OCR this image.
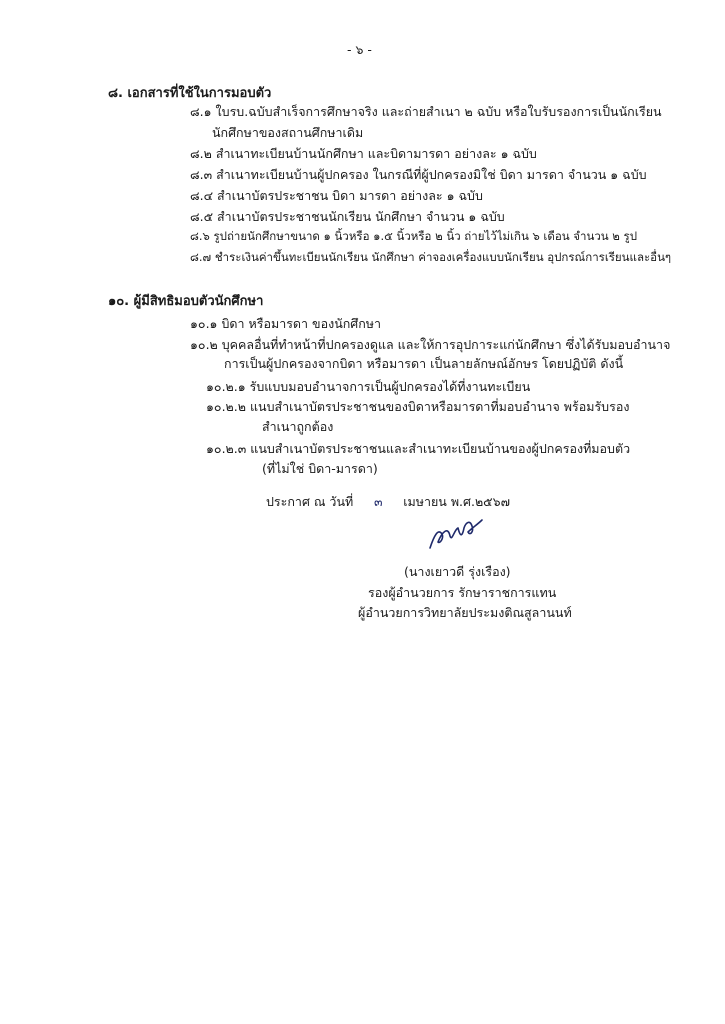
- ๖ -
๘. เอกสารที่ใช้ในการมอบตัว
๘.๑ ใบรบ.ฉบับสำเร็จการศึกษาจริง และถ่ายสำเนา ๒ ฉบับ หรือใบรับรองการเป็นนักเรียน
นักศึกษาของสถานศึกษาเดิม
๘.๒ สำเนาทะเบียนบ้านนักศึกษา และบิดามารดา อย่างละ ๑ ฉบับ
๘.๓ สำเนาทะเบียนบ้านผู้ปกครอง ในกรณีที่ผู้ปกครองมิใช่ บิดา มารดา จำนวน ๑ ฉบับ
๘.๔ สำเนาบัตรประชาชน บิดา มารดา อย่างละ ๑ ฉบับ
๘.๕ สำเนาบัตรประชาชนนักเรียน นักศึกษา จำนวน ๑ ฉบับ
๘.๖ รูปถ่ายนักศึกษาขนาด ๑ นิ้วหรือ ๑.๕ นิ้วหรือ ๒ นิ้ว ถ่ายไว้ไม่เกิน ๖ เดือน จำนวน ๒ รูป
๘.๗ ชำระเงินค่าขึ้นทะเบียนนักเรียน นักศึกษา ค่าจองเครื่องแบบนักเรียน อุปกรณ์การเรียนและอื่นๆ
๑๐. ผู้มีสิทธิมอบตัวนักศึกษา
๑๐.๑ บิดา หรือมารดา ของนักศึกษา
๑๐.๒ บุคคลอื่นที่ทำหน้าที่ปกครองดูแล และให้การอุปการะแก่นักศึกษา ซึ่งได้รับมอบอำนาจ
การเป็นผู้ปกครองจากบิดา หรือมารดา เป็นลายลักษณ์อักษร โดยปฏิบัติ ดังนี้
๑๐.๒.๑ รับแบบมอบอำนาจการเป็นผู้ปกครองได้ที่งานทะเบียน
๑๐.๒.๒ แนบสำเนาบัตรประชาชนของบิดาหรือมารดาที่มอบอำนาจ พร้อมรับรอง
สำเนาถูกต้อง
๑๐.๒.๓ แนบสำเนาบัตรประชาชนและสำเนาทะเบียนบ้านของผู้ปกครองที่มอบตัว
(ที่ไม่ใช่ บิดา-มารดา)
ประกาศ ณ วันที่ ๓ เมษายน พ.ศ.๒๕๖๗
(นางเยาวดี รุ่งเรือง)
รองผู้อำนวยการ รักษาราชการแทน
ผู้อำนวยการวิทยาลัยประมงติณสูลานนท์
